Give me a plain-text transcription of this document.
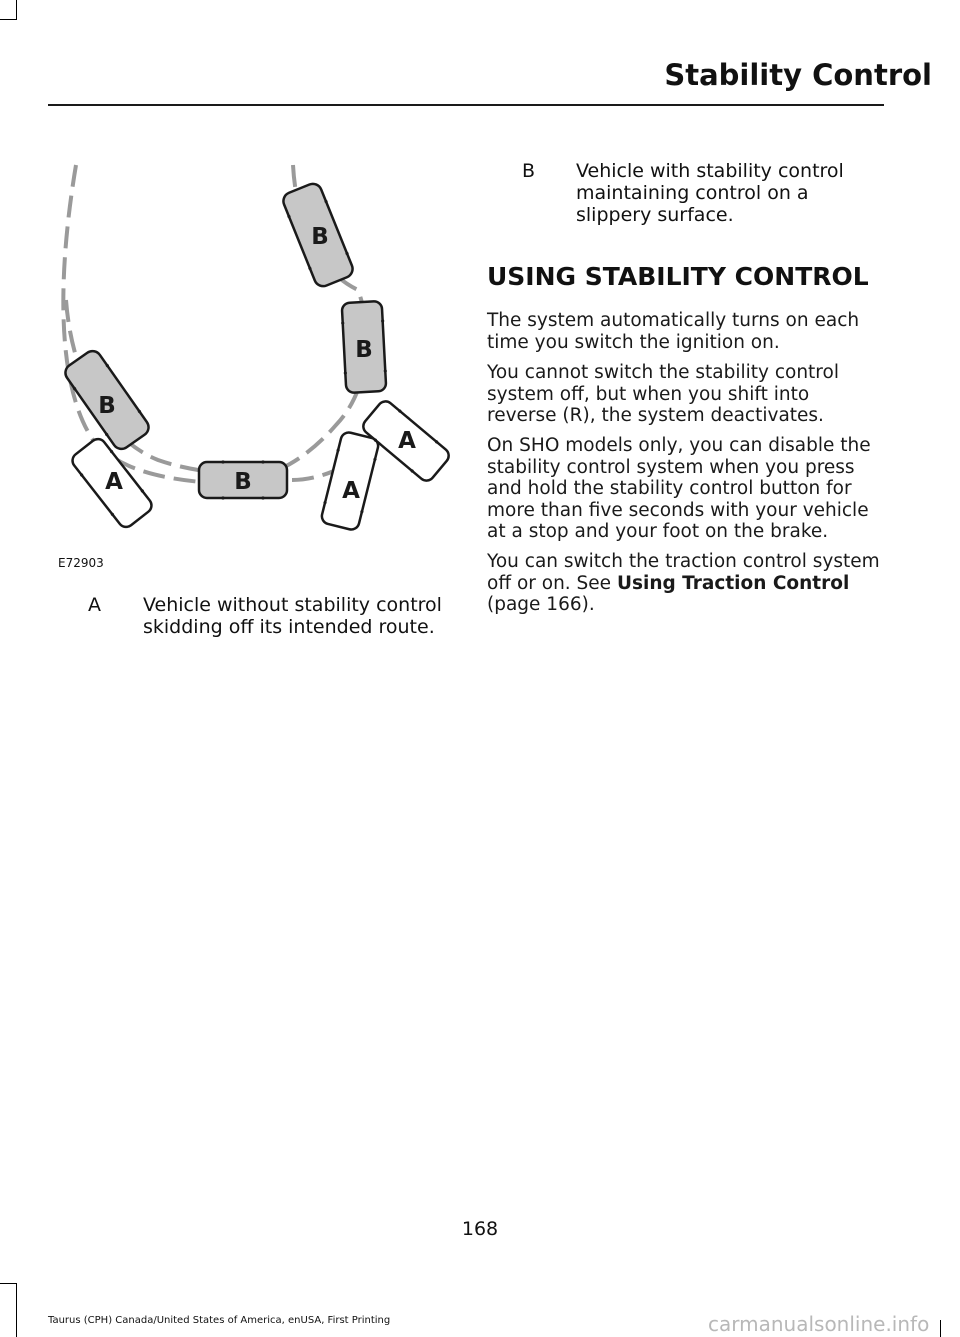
Stability Control
B
B
B
B
A	A
A
E72903
A Vehicle without stability control skidding off its intended route.
B Vehicle with stability control maintaining control on a slippery surface.
USING STABILITY CONTROL

The system automatically turns on each time you switch the ignition on.

You cannot switch the stability control system off, but when you shift into reverse (R), the system deactivates.

On SHO models only, you can disable the stability control system when you press and hold the stability control button for more than five seconds with your vehicle at a stop and your foot on the brake.

You can switch the traction control system off or on. See Using Traction Control (page 166).

168
Taurus (CPH) Canada/United States of America, enUSA, First Printing	carmanualsonline.info
